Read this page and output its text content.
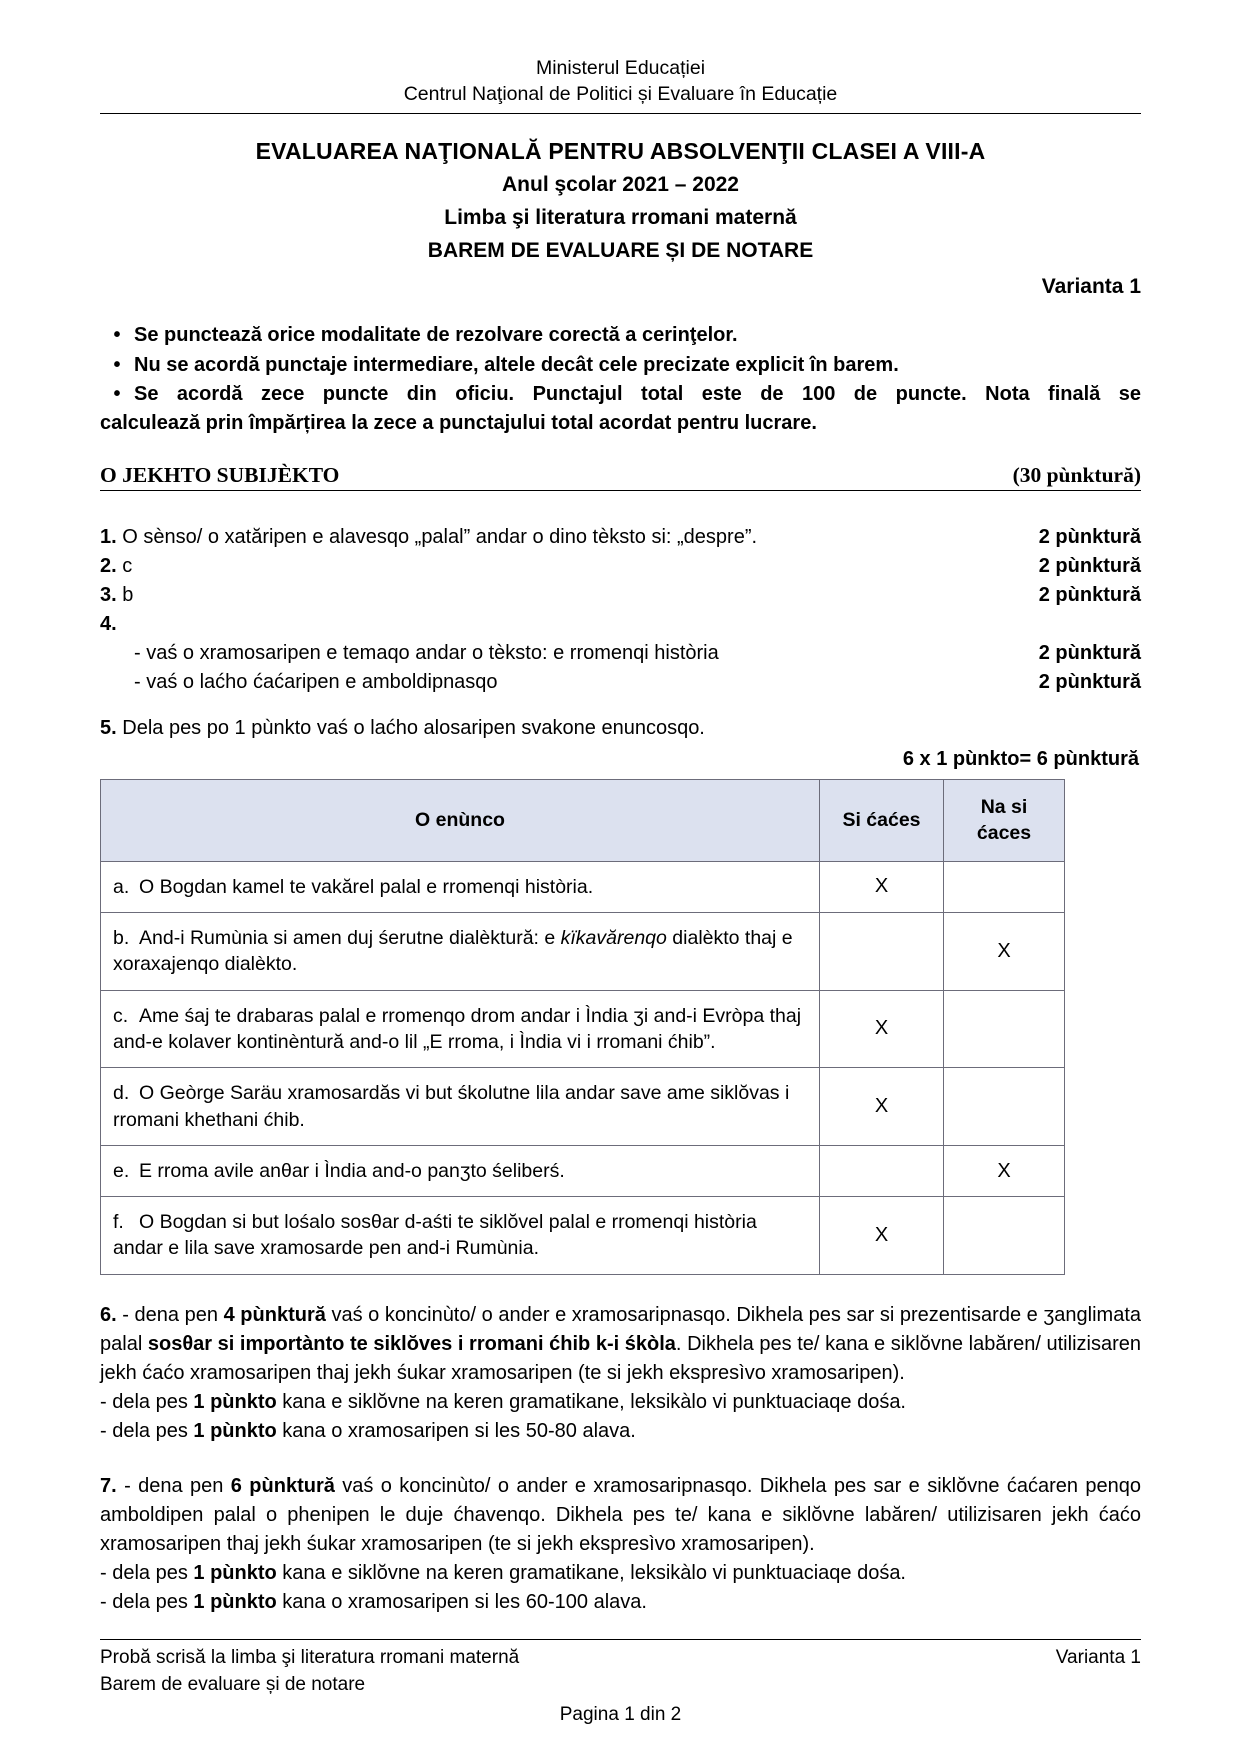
Ministerul Educației
Centrul Naţional de Politici și Evaluare în Educație
EVALUAREA NAŢIONALĂ PENTRU ABSOLVENŢII CLASEI A VIII-A
Anul şcolar 2021 – 2022
Limba şi literatura rromani maternă
BAREM DE EVALUARE ȘI DE NOTARE
Varianta 1
• Se punctează orice modalitate de rezolvare corectă a cerinţelor.
• Nu se acordă punctaje intermediare, altele decât cele precizate explicit în barem.
• Se acordă zece puncte din oficiu. Punctajul total este de 100 de puncte. Nota finală se
calculează prin împărțirea la zece a punctajului total acordat pentru lucrare.
O JEKHTO SUBIJÈKTO	(30 pùnktură)
1. O sènso/ o xatăripen e alavesqo „palal” andar o dino tèksto si: „despre”.	2 pùnktură
2. c	2 pùnktură
3. b	2 pùnktură
4.
- vaś o xramosaripen e temaqo andar o tèksto: e rromenqi història	2 pùnktură
- vaś o laćho ćaćaripen e amboldipnasqo	2 pùnktură
5. Dela pes po 1 pùnkto vaś o laćho alosaripen svakone enuncosqo.
6 x 1 pùnkto= 6 pùnktură
O enùnco	Si ćaćes	Na si
ćaces
a. O Bogdan kamel te vakărel palal e rromenqi història.	X	
b. And-i Rumùnia si amen duj śerutne dialèktură: e kïkavărenqo dialèkto thaj e xoraxajenqo dialèkto.		X
c. Ame śaj te drabaras palal e rromenqo drom andar i Ìndia ʒi and-i Evròpa thaj and-e kolaver kontinèntură and-o lil „E rroma, i Ìndia vi i rromani ćhib”.	X	
d. O Geòrge Saräu xramosardăs vi but śkolutne lila andar save ame siklŏvas i rromani khethani ćhib.	X	
e. E rroma avile anθar i Ìndia and-o panʒto śeliberś.		X
f. O Bogdan si but lośalo sosθar d-aśti te siklŏvel palal e rromenqi història andar e lila save xramosarde pen and-i Rumùnia.	X	

6. - dena pen 4 pùnktură vaś o koncinùto/ o ander e xramosaripnasqo. Dikhela pes sar si prezentisarde e ʒanglimata palal sosθar si importànto te siklŏves i rromani ćhib k-i śkòla. Dikhela pes te/ kana e siklŏvne labăren/ utilizisaren jekh ćaćo xramosaripen thaj jekh śukar xramosaripen (te si jekh ekspresìvo xramosaripen).

- dela pes 1 pùnkto kana e siklŏvne na keren gramatikane, leksikàlo vi punktuaciaqe dośa.

- dela pes 1 pùnkto kana o xramosaripen si les 50-80 alava.

7. - dena pen 6 pùnktură vaś o koncinùto/ o ander e xramosaripnasqo. Dikhela pes sar e siklŏvne ćaćaren penqo amboldipen palal o phenipen le duje ćhavenqo. Dikhela pes te/ kana e siklŏvne labăren/ utilizisaren jekh ćaćo xramosaripen thaj jekh śukar xramosaripen (te si jekh ekspresìvo xramosaripen).

- dela pes 1 pùnkto kana e siklŏvne na keren gramatikane, leksikàlo vi punktuaciaqe dośa.

- dela pes 1 pùnkto kana o xramosaripen si les 60-100 alava.

Probă scrisă la limba şi literatura rromani maternă	Varianta 1
Barem de evaluare și de notare
Pagina 1 din 2
